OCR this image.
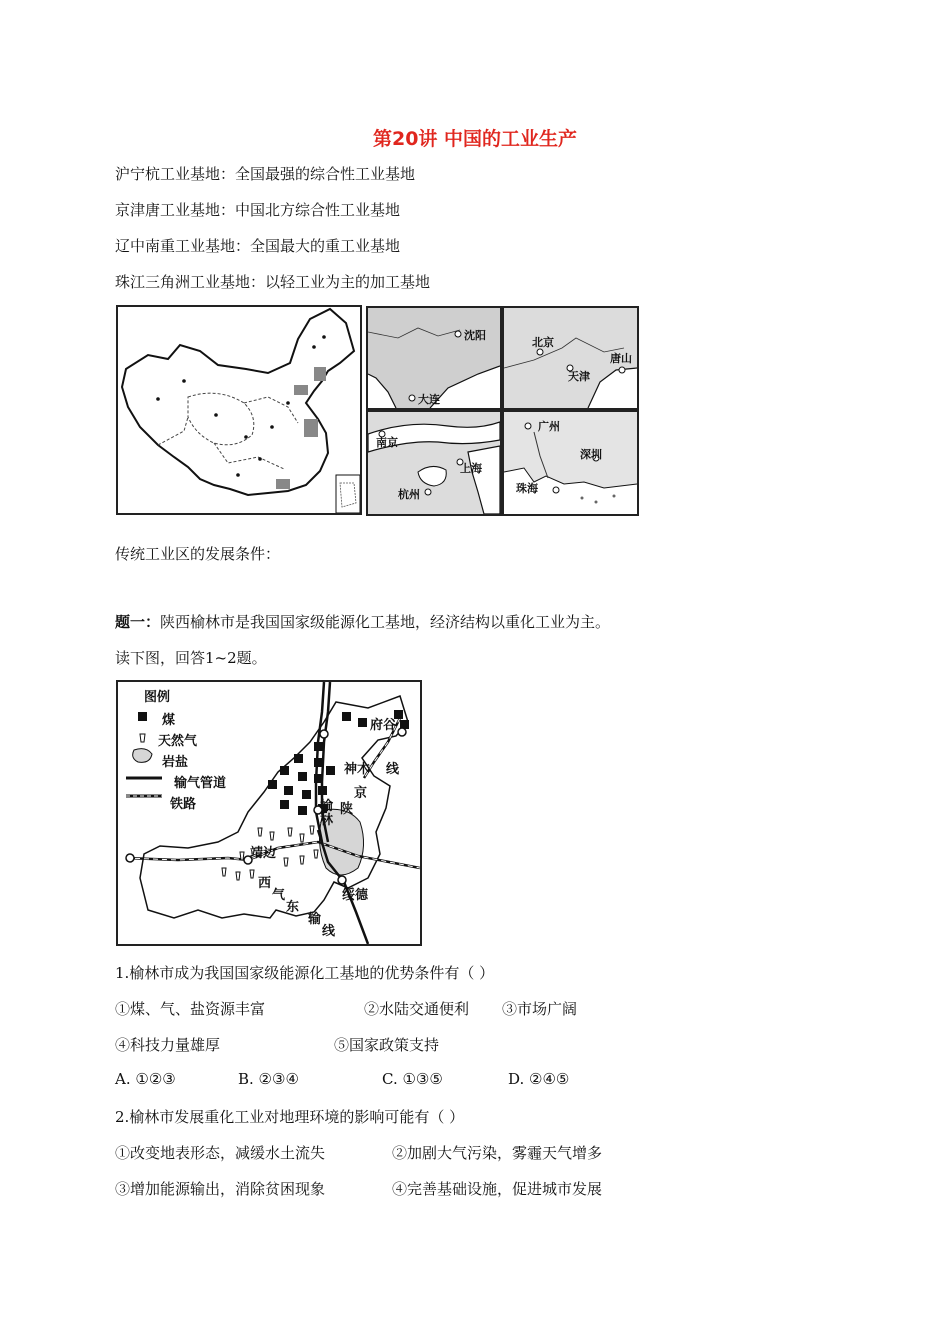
第20讲 中国的工业生产
沪宁杭工业基地：全国最强的综合性工业基地
京津唐工业基地：中国北方综合性工业基地
辽中南重工业基地：全国最大的重工业基地
珠江三角洲工业基地：以轻工业为主的加工基地
沈阳
大连
北京
天津
唐山
南京
上海
杭州
广州
深圳
珠海
传统工业区的发展条件：
题一：陕西榆林市是我国国家级能源化工基地，经济结构以重化工业为主。
读下图，回答1~2题。
图例
煤
天然气
岩盐
输气管道
铁路
府谷
神木 线
京
陕
榆林
靖边
绥德
西
气
东
输
线
1.榆林市成为我国国家级能源化工基地的优势条件有（ ）
①煤、气、盐资源丰富	②水陆交通便利 ③市场广阔
④科技力量雄厚	⑤国家政策支持
A. ①②③	B. ②③④	C. ①③⑤	D. ②④⑤
2.榆林市发展重化工业对地理环境的影响可能有（ ）
①改变地表形态，减缓水土流失	②加剧大气污染，雾霾天气增多
③增加能源输出，消除贫困现象	④完善基础设施，促进城市发展
